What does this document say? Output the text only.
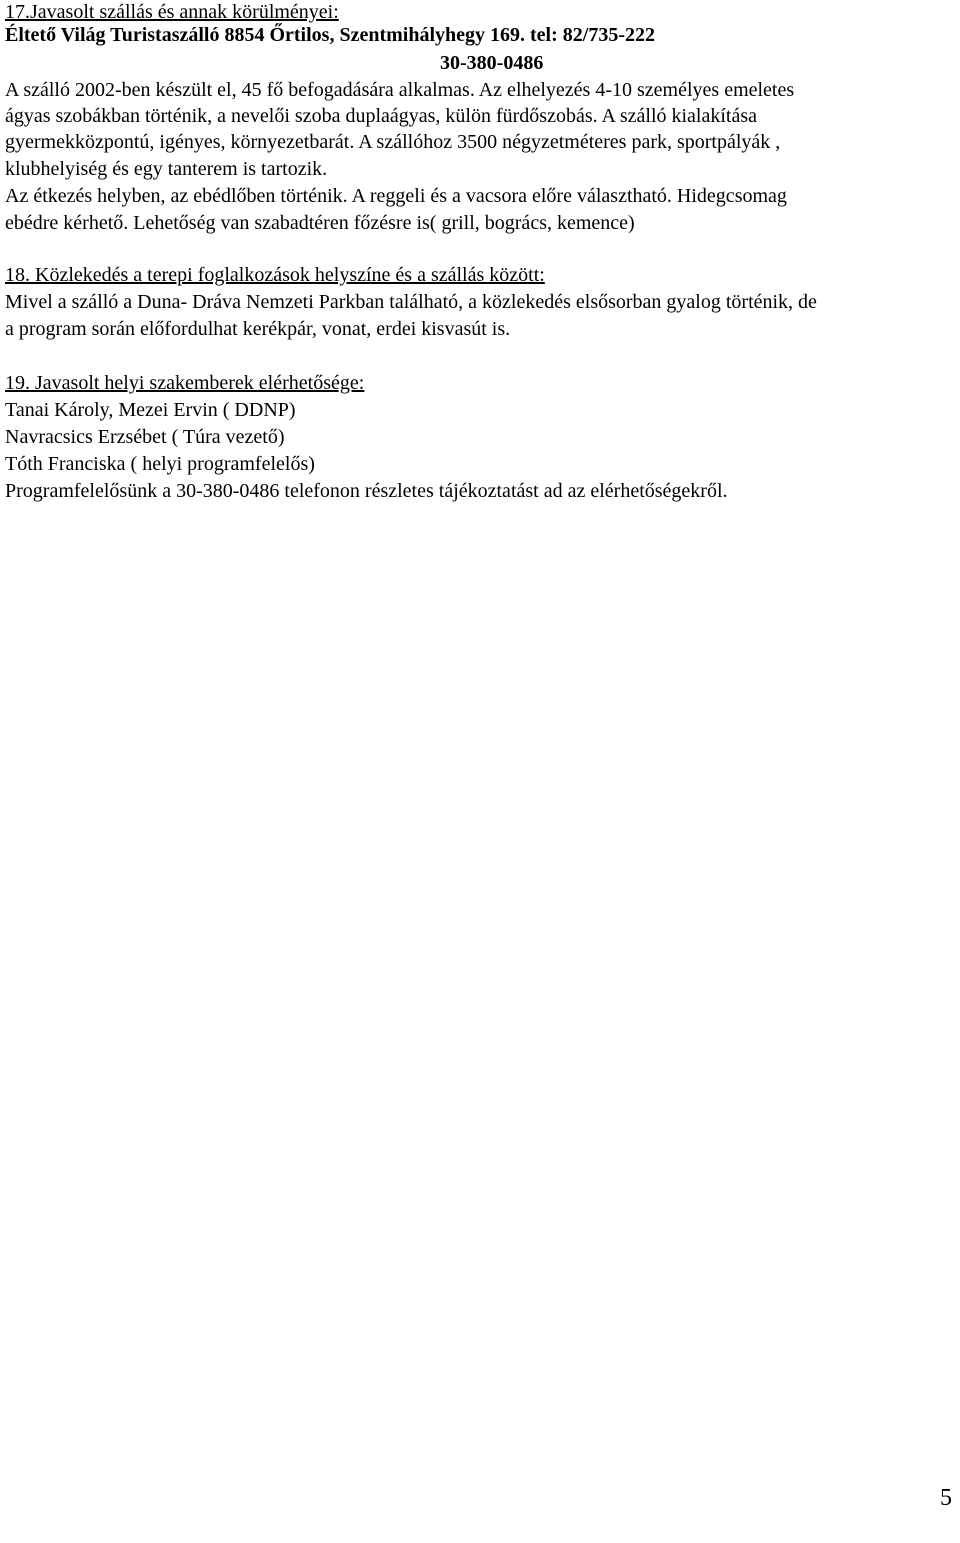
17.Javasolt szállás és annak körülményei:
Éltető Világ Turistaszálló 8854 Őrtilos, Szentmihályhegy 169. tel: 82/735-222
30-380-0486
A szálló 2002-ben készült el, 45 fő befogadására alkalmas. Az elhelyezés 4-10 személyes emeletes
ágyas szobákban történik, a nevelői szoba duplaágyas, külön fürdőszobás. A szálló kialakítása
gyermekközpontú, igényes, környezetbarát. A szállóhoz 3500 négyzetméteres park, sportpályák ,
klubhelyiség és egy tanterem is tartozik.
Az étkezés helyben, az ebédlőben történik. A reggeli és a vacsora előre választható. Hidegcsomag
ebédre kérhető. Lehetőség van szabadtéren főzésre is( grill, bogrács, kemence)
18. Közlekedés a terepi foglalkozások helyszíne és a szállás között:
Mivel a szálló a Duna- Dráva Nemzeti Parkban található, a közlekedés elsősorban gyalog történik, de
a program során előfordulhat kerékpár, vonat, erdei kisvasút is.
19. Javasolt helyi szakemberek elérhetősége:
Tanai Károly, Mezei Ervin ( DDNP)
Navracsics Erzsébet ( Túra vezető)
Tóth Franciska ( helyi programfelelős)
Programfelelősünk a 30-380-0486 telefonon részletes tájékoztatást ad az elérhetőségekről.
5
